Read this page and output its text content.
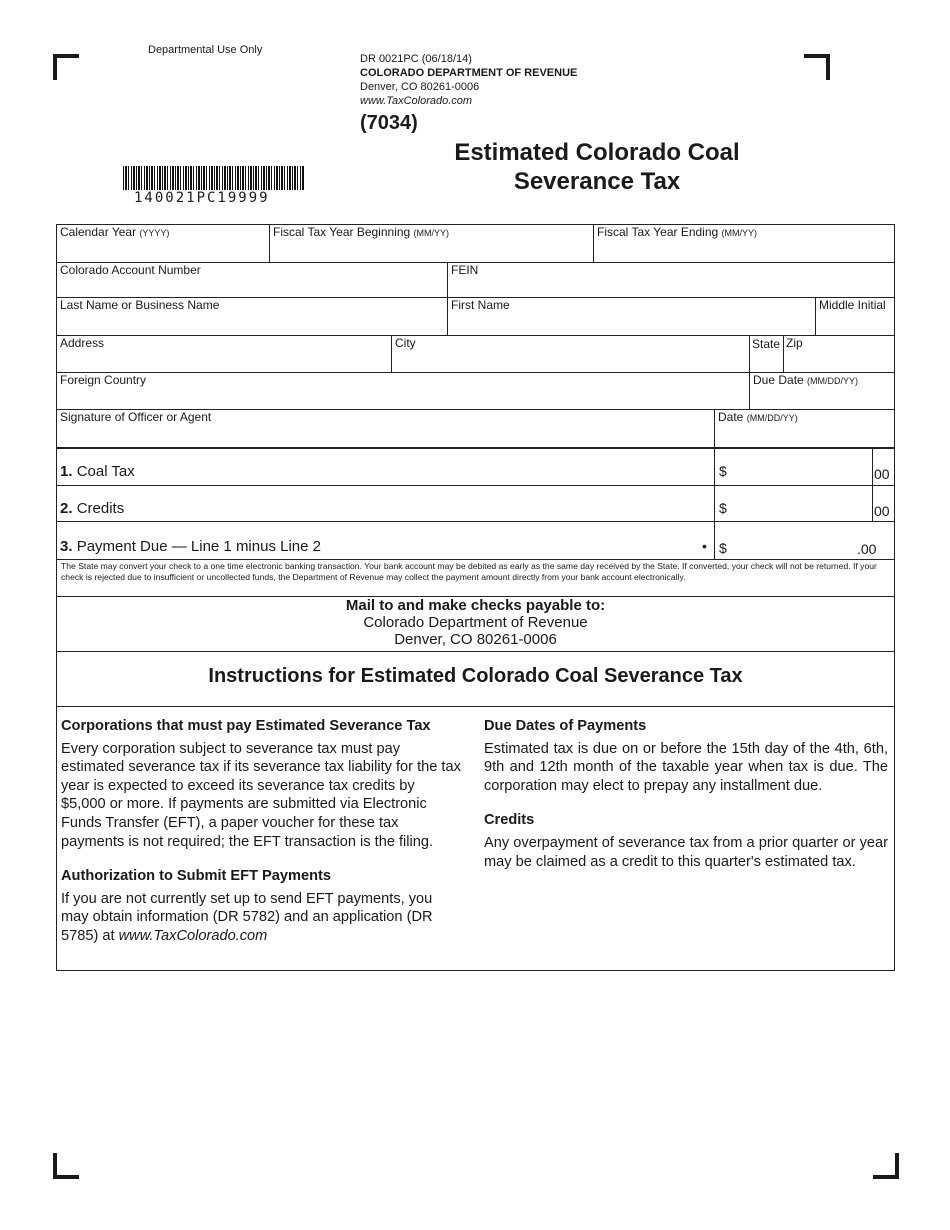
Departmental Use Only
DR 0021PC (06/18/14)
COLORADO DEPARTMENT OF REVENUE
Denver, CO 80261-0006
www.TaxColorado.com
(7034)
Estimated Colorado Coal
Severance Tax
140021PC19999
Calendar Year (YYYY)	Fiscal Tax Year Beginning (MM/YY)	Fiscal Tax Year Ending (MM/YY)
Colorado Account Number	FEIN
Last Name or Business Name	First Name	Middle Initial
Address	City	State Zip
Foreign Country	Due Date (MM/DD/YY)
Signature of Officer or Agent	Date (MM/DD/YY)
1. Coal Tax	$	00
2. Credits	$	00
3. Payment Due — Line 1 minus Line 2	• $	.00
The State may convert your check to a one time electronic banking transaction. Your bank account may be debited as early as the same day received by the State. If converted, your check will not be returned. If your check is rejected due to insufficient or uncollected funds, the Department of Revenue may collect the payment amount directly from your bank account electronically.
Mail to and make checks payable to:
Colorado Department of Revenue
Denver, CO 80261-0006
Instructions for Estimated Colorado Coal Severance Tax
Corporations that must pay Estimated Severance Tax

Every corporation subject to severance tax must pay estimated severance tax if its severance tax liability for the tax year is expected to exceed its severance tax credits by $5,000 or more. If payments are submitted via Electronic Funds Transfer (EFT), a paper voucher for these tax payments is not required; the EFT transaction is the filing.

Authorization to Submit EFT Payments

If you are not currently set up to send EFT payments, you may obtain information (DR 5782) and an application (DR 5785) at www.TaxColorado.com

Due Dates of Payments

Estimated tax is due on or before the 15th day of the 4th, 6th, 9th and 12th month of the taxable year when tax is due. The corporation may elect to prepay any installment due.

Credits

Any overpayment of severance tax from a prior quarter or year may be claimed as a credit to this quarter's estimated tax.
